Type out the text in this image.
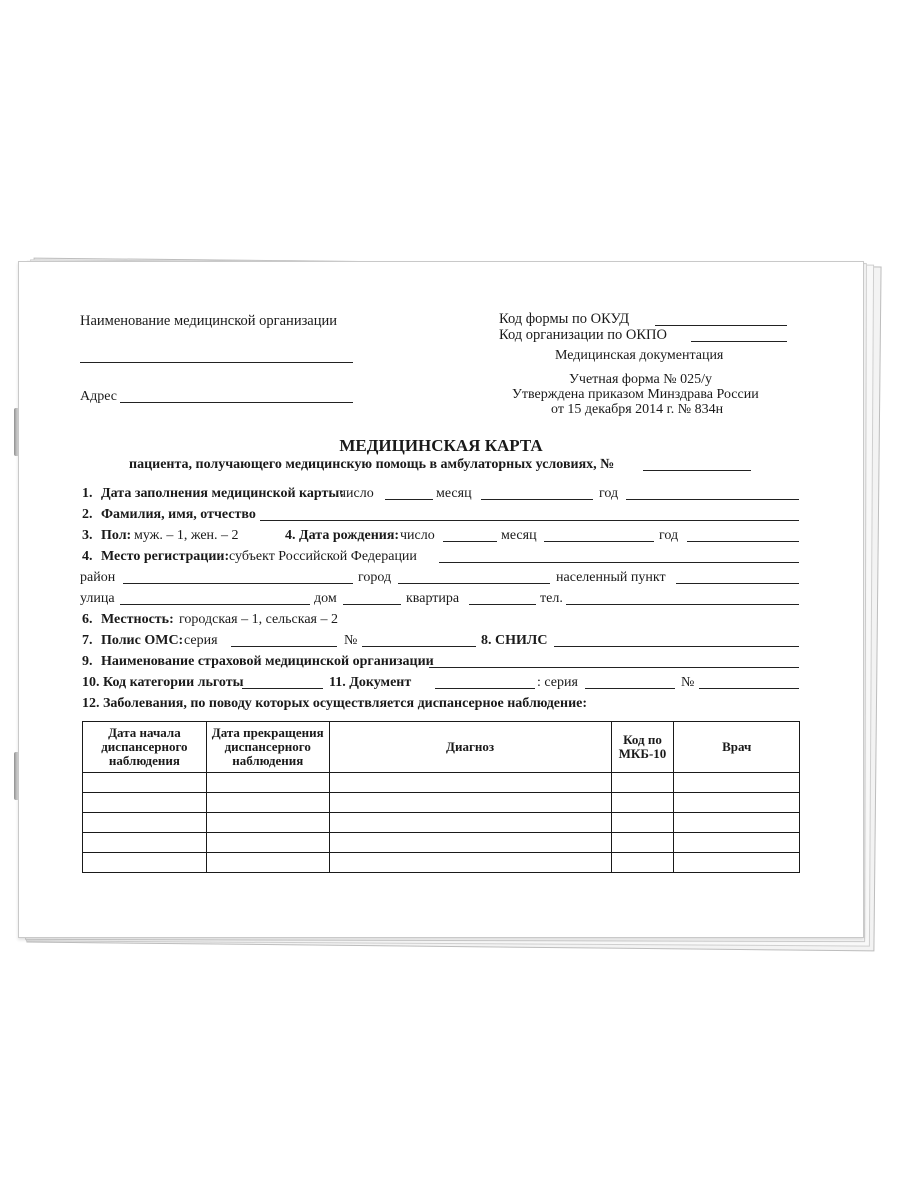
Наименование медицинской организации
Адрес
Код формы по ОКУД
Код организации по ОКПО
Медицинская документация
Учетная форма № 025/у
Утверждена приказом Минздрава России
от 15 декабря 2014 г. № 834н
МЕДИЦИНСКАЯ КАРТА
пациента, получающего медицинскую помощь в амбулаторных условиях, №
1. Дата заполнения медицинской карты:
число	месяц	год
2. Фамилия, имя, отчество
3. Пол: муж. – 1, жен. – 2	4. Дата рождения: число	месяц	год
4. Место регистрации: субъект Российской Федерации
район	город	населенный пункт
улица	дом	квартира	тел.
6. Местность: городская – 1, сельская – 2
7. Полис ОМС: серия	№	8. СНИЛС
9. Наименование страховой медицинской организации
10. Код категории льготы	11. Документ	: серия	№
12. Заболевания, по поводу которых осуществляется диспансерное наблюдение:
Дата начала диспансерного наблюдения	Дата прекращения диспансерного наблюдения	Диагноз	Код по МКБ-10	Врач
